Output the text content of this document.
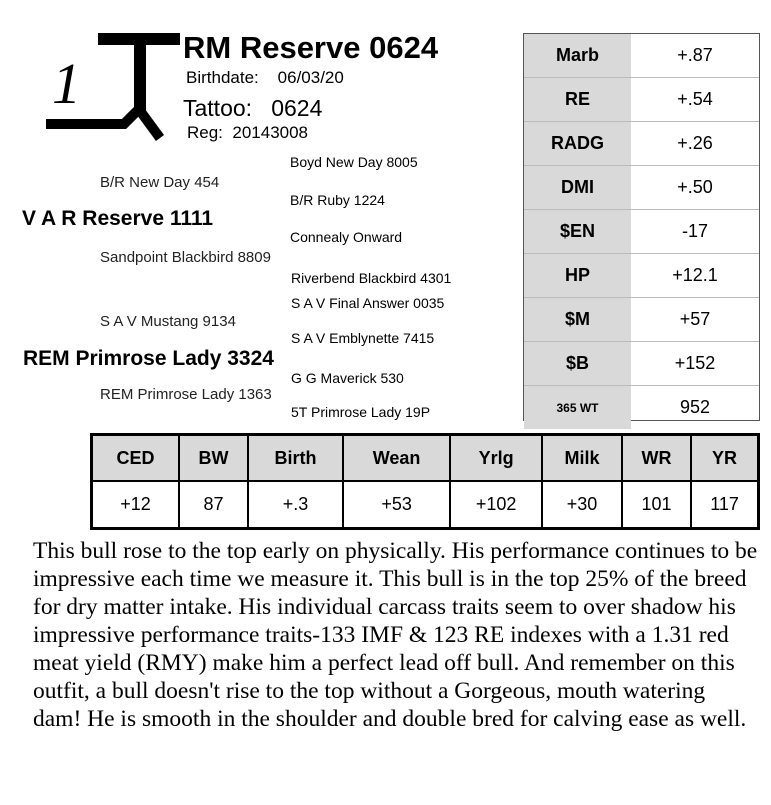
1
RM Reserve 0624
Birthdate: 06/03/20
Tattoo: 0624
Reg: 20143008
Boyd New Day 8005
B/R New Day 454
B/R Ruby 1224
V A R Reserve 1111
Connealy Onward
Sandpoint Blackbird 8809
Riverbend Blackbird 4301
S A V Final Answer 0035
S A V Mustang 9134
S A V Emblynette 7415
REM Primrose Lady 3324
G G Maverick 530
REM Primrose Lady 1363
5T Primrose Lady 19P
Marb	+.87
RE	+.54
RADG	+.26
DMI	+.50
$EN	-17
HP	+12.1
$M	+57
$B	+152
365 WT	952
CED	BW	Birth	Wean	Yrlg	Milk	WR	YR
+12	87	+.3	+53	+102	+30	101	117
This bull rose to the top early on physically. His performance continues to be impressive each time we measure it. This bull is in the top 25% of the breed for dry matter intake. His individual carcass traits seem to over shadow his impressive performance traits-133 IMF & 123 RE indexes with a 1.31 red meat yield (RMY) make him a perfect lead off bull. And remember on this outfit, a bull doesn't rise to the top without a Gorgeous, mouth watering dam! He is smooth in the shoulder and double bred for calving ease as well.
